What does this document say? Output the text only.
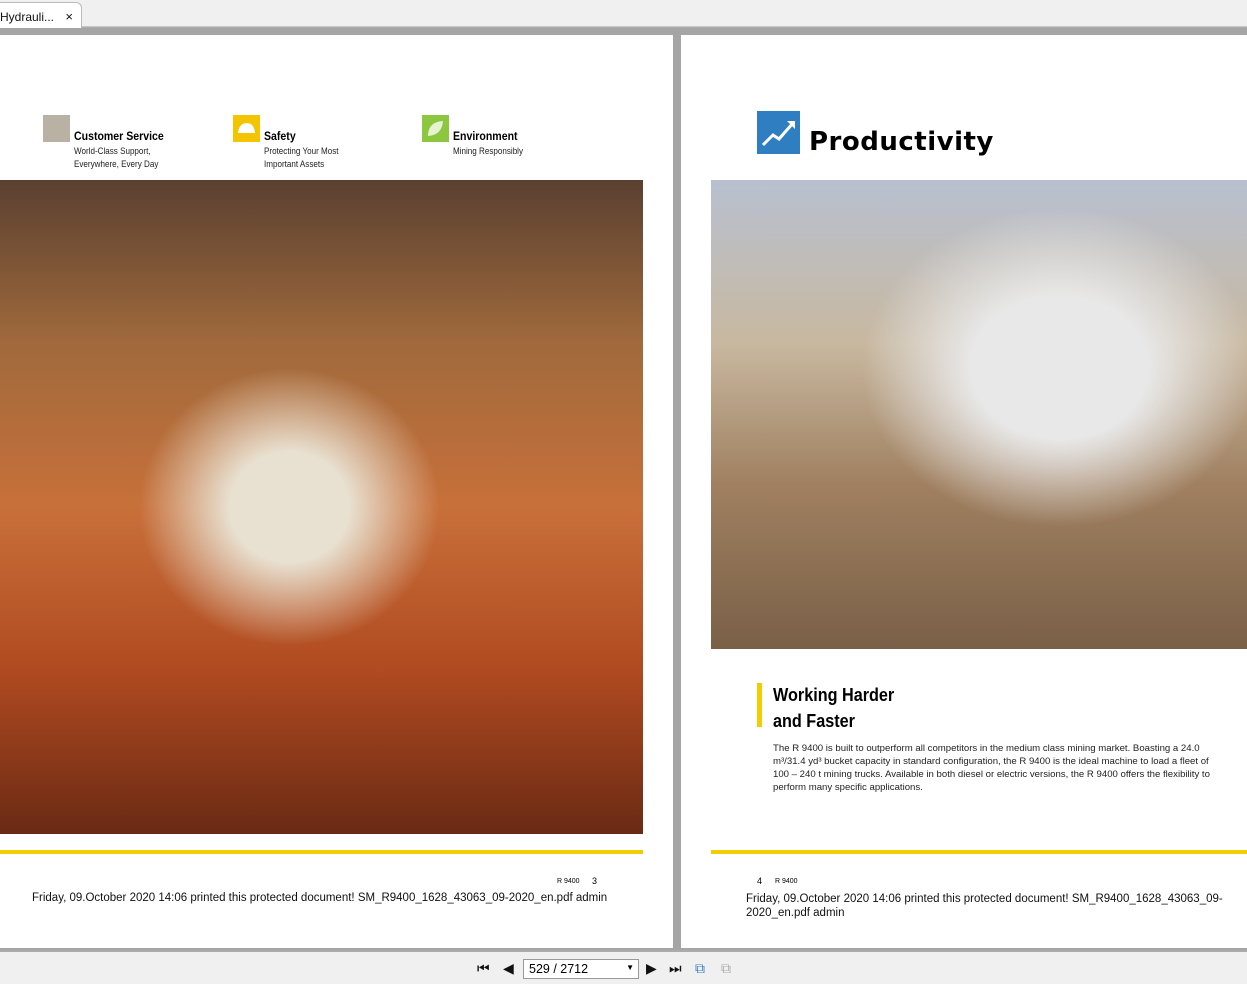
Hydrauli... ×
Customer Service
World-Class Support,
Everywhere, Every Day
Safety
Protecting Your Most
Important Assets
Environment
Mining Responsibly
R 9400 3
Friday, 09.October 2020 14:06 printed this protected document! SM_R9400_1628_43063_09-2020_en.pdf admin
Productivity
Working Harder
and Faster
The R 9400 is built to outperform all competitors in the medium class mining market. Boasting a 24.0 m³/31.4 yd³ bucket capacity in standard configuration, the R 9400 is the ideal machine to load a fleet of 100 – 240 t mining trucks. Available in both diesel or electric versions, the R 9400 offers the flexibility to perform many specific applications.
4 R 9400
Friday, 09.October 2020 14:06 printed this protected document! SM_R9400_1628_43063_09-2020_en.pdf admin
⏮ ◀	529 / 2712	▼ ▶ ⏭ ⧉ ⧉
